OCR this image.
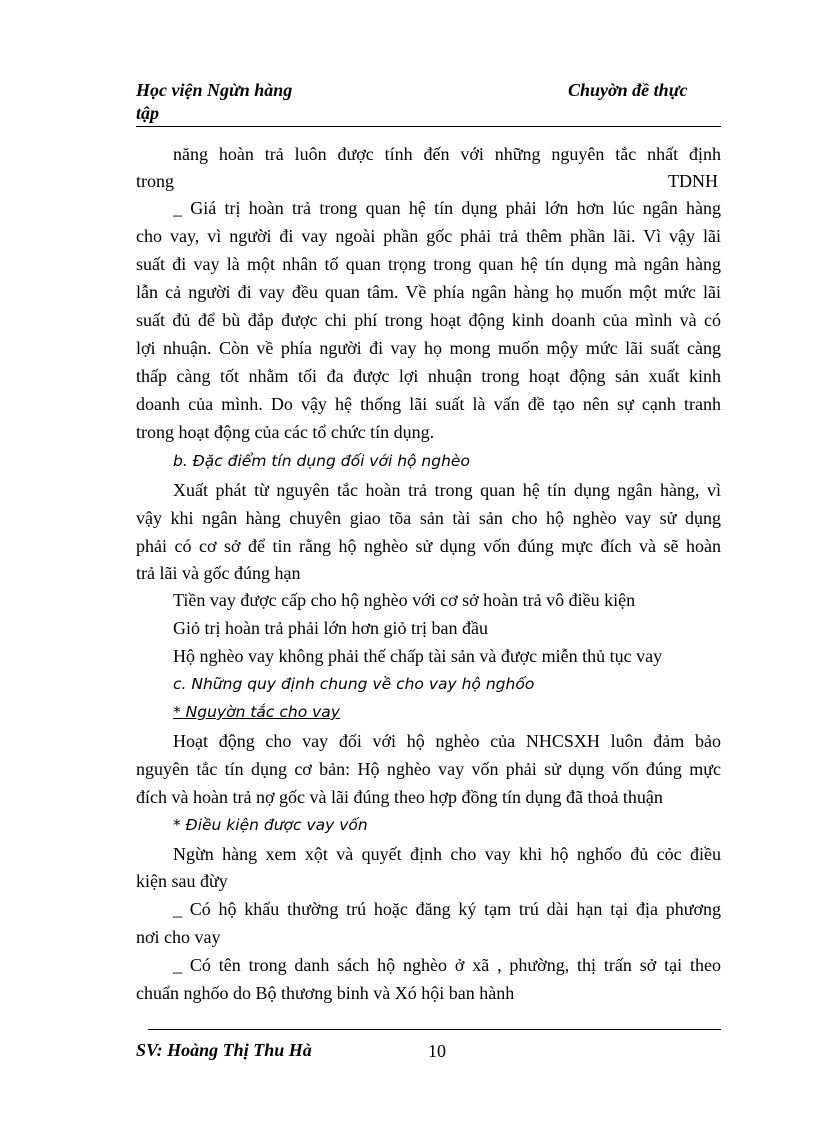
Học viện Ngừn hàng
tập
Chuyờn đề thực
năng hoàn trả luôn được tính đến với những nguyên tắc nhất định
trong	TDNH
_ Giá trị hoàn trả trong quan hệ tín dụng phải lớn hơn lúc ngân hàng
cho vay, vì người đi vay ngoài phần gốc phải trả thêm phần lãi. Vì vậy lãi
suất đi vay là một nhân tố quan trọng trong quan hệ tín dụng mà ngân hàng
lẫn cả người đi vay đều quan tâm. Về phía ngân hàng họ muốn một mức lãi
suất đủ để bù đắp được chi phí trong hoạt động kinh doanh của mình và có
lợi nhuận. Còn về phía người đi vay họ mong muốn mộy mức lãi suất càng
thấp càng tốt nhằm tối đa được lợi nhuận trong hoạt động sản xuất kinh
doanh của mình. Do vậy hệ thống lãi suất là vấn đề tạo nên sự cạnh tranh
trong hoạt động của các tổ chức tín dụng.
b. Đặc điểm tín dụng đối với hộ nghèo
Xuất phát từ nguyên tắc hoàn trả trong quan hệ tín dụng ngân hàng, vì
vậy khi ngân hàng chuyên giao tõa sản tài sản cho hộ nghèo vay sử dụng
phải có cơ sở để tin rằng hộ nghèo sử dụng vốn đúng mực đích và sẽ hoàn
trả lãi và gốc đúng hạn
Tiền vay được cấp cho hộ nghèo với cơ sở hoàn trả vô điều kiện
Giỏ trị hoàn trả phải lớn hơn giỏ trị ban đầu
Hộ nghèo vay không phải thế chấp tài sản và được miễn thủ tục vay
c. Những quy định chung về cho vay hộ nghốo
* Nguyờn tắc cho vay
Hoạt động cho vay đối với hộ nghèo của NHCSXH luôn đảm bảo
nguyên tắc tín dụng cơ bản: Hộ nghèo vay vốn phải sử dụng vốn đúng mực
đích và hoàn trả nợ gốc và lãi đúng theo hợp đồng tín dụng đã thoả thuận
* Điều kiện được vay vốn
Ngừn hàng xem xột và quyết định cho vay khi hộ nghốo đủ cỏc điều
kiện sau đừy
_ Có hộ khẩu thường trú hoặc đăng ký tạm trú dài hạn tại địa phương
nơi cho vay
_ Có tên trong danh sách hộ nghèo ở xã , phường, thị trấn sở tại theo
chuẩn nghốo do Bộ thương binh và Xó hội ban hành
SV: Hoàng Thị Thu Hà	10
